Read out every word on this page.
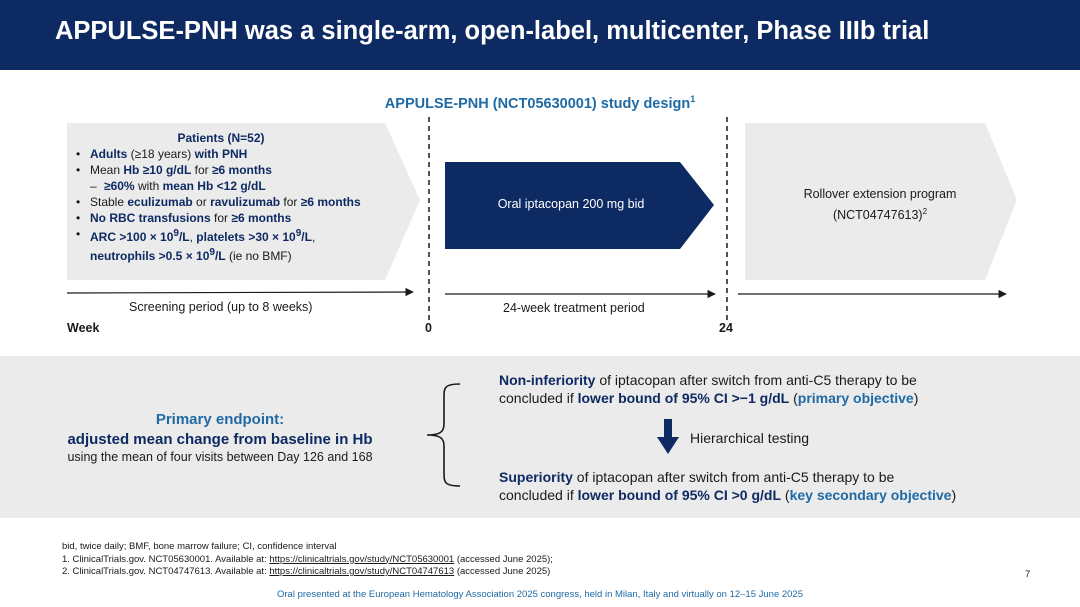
APPULSE-PNH was a single-arm, open-label, multicenter, Phase IIIb trial
APPULSE-PNH (NCT05630001) study design$^1$
Patients (N=52)
• Adults (≥18 years) with PNH
• Mean Hb ≥10 g/dL for ≥6 months
– ≥60% with mean Hb <12 g/dL
• Stable eculizumab or ravulizumab for ≥6 months
• No RBC transfusions for ≥6 months
• ARC $>100 \times 10^9/L$, platelets $>30 \times 10^9/L$,
neutrophils $>0.5 \times 10^9/L$ (ie no BMF)
Oral iptacopan 200 mg bid
Rollover extension program
$(NCT04747613)^2$
Screening period (up to 8 weeks)	24-week treatment period
Week	0	24
Primary endpoint:
adjusted mean change from baseline in Hb
using the mean of four visits between Day 126 and 168
Non-inferiority of iptacopan after switch from anti-C5 therapy to be
concluded if lower bound of 95% CI >−1 g/dL (primary objective)
Hierarchical testing
Superiority of iptacopan after switch from anti-C5 therapy to be
concluded if lower bound of 95% CI >0 g/dL (key secondary objective)
bid, twice daily; BMF, bone marrow failure; CI, confidence interval
1. ClinicalTrials.gov. NCT05630001. Available at: https://clinicaltrials.gov/study/NCT05630001 (accessed June 2025);
2. ClinicalTrials.gov. NCT04747613. Available at: https://clinicaltrials.gov/study/NCT04747613 (accessed June 2025)	7
Oral presented at the European Hematology Association 2025 congress, held in Milan, Italy and virtually on 12–15 June 2025
